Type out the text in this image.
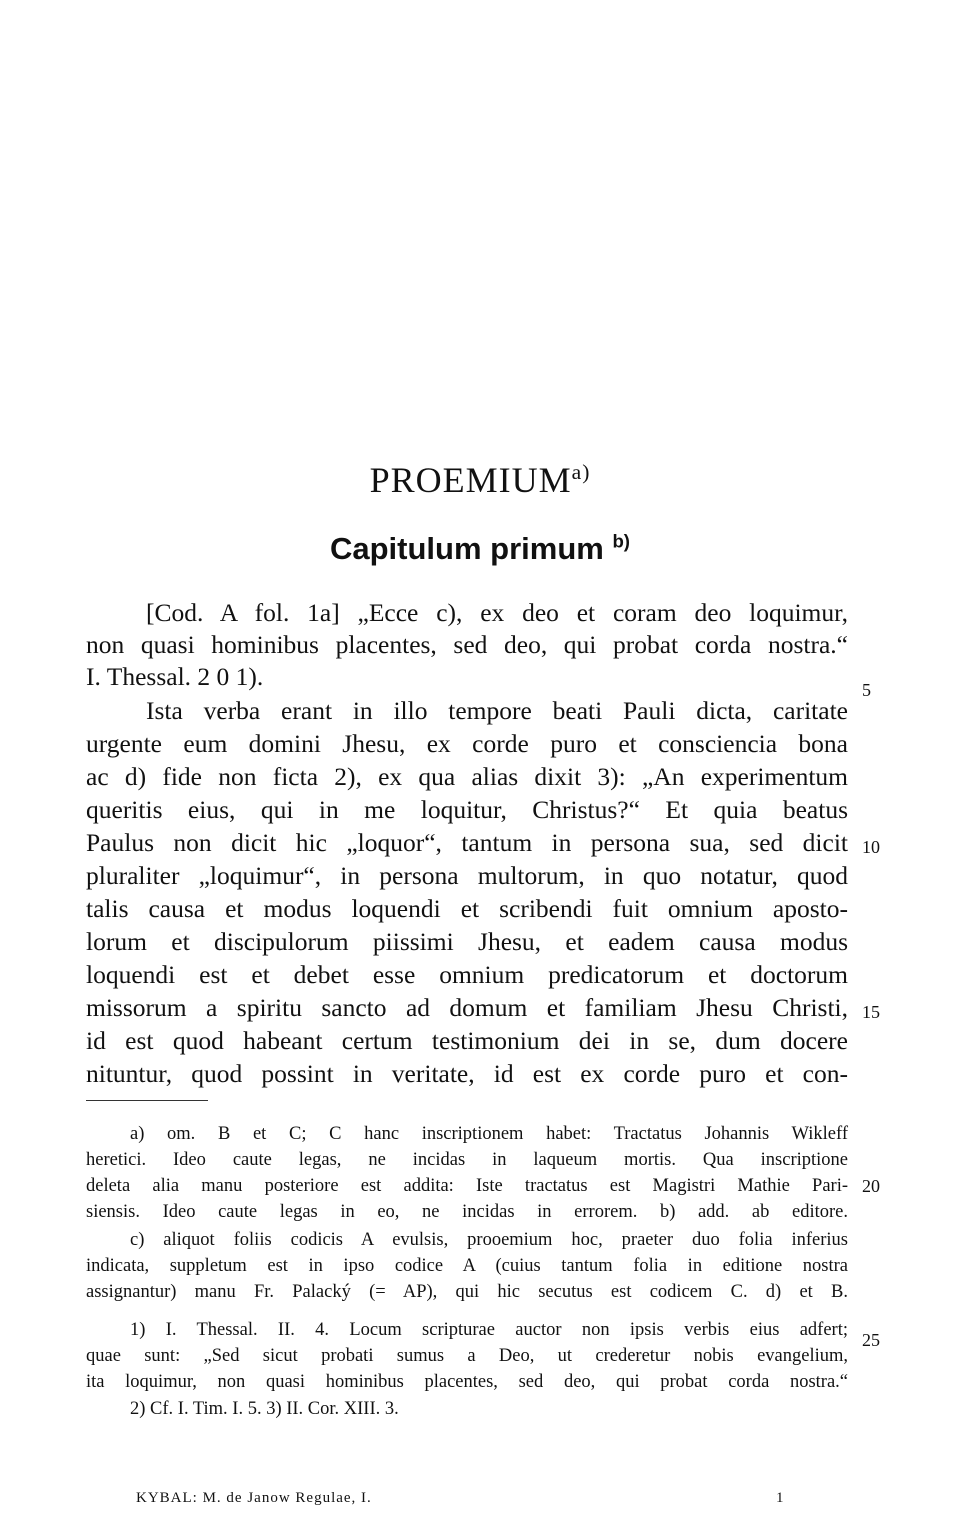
PROEMIUM$^{a)}$
Capitulum primum $^{b)}$
[Cod. A fol. 1a] „Ecce c), ex deo et coram deo loquimur,
non quasi hominibus placentes, sed deo, qui probat corda nostra.“
I. Thessal. 2 0 1).
Ista verba erant in illo tempore beati Pauli dicta, caritate
urgente eum domini Jhesu, ex corde puro et consciencia bona
ac d) fide non ficta 2), ex qua alias dixit 3): „An experimentum
queritis eius, qui in me loquitur, Christus?“ Et quia beatus
Paulus non dicit hic „loquor“, tantum in persona sua, sed dicit
pluraliter „loquimur“, in persona multorum, in quo notatur, quod
talis causa et modus loquendi et scribendi fuit omnium aposto-
lorum et discipulorum piissimi Jhesu, et eadem causa modus
loquendi est et debet esse omnium predicatorum et doctorum
missorum a spiritu sancto ad domum et familiam Jhesu Christi,
id est quod habeant certum testimonium dei in se, dum docere
nituntur, quod possint in veritate, id est ex corde puro et con-
5
10
15
20
25
a) om. B et C; C hanc inscriptionem habet: Tractatus Johannis Wikleff
heretici. Ideo caute legas, ne incidas in laqueum mortis. Qua inscriptione
deleta alia manu posteriore est addita: Iste tractatus est Magistri Mathie Pari-
siensis. Ideo caute legas in eo, ne incidas in errorem. b) add. ab editore.
c) aliquot foliis codicis A evulsis, prooemium hoc, praeter duo folia inferius
indicata, suppletum est in ipso codice A (cuius tantum folia in editione nostra
assignantur) manu Fr. Palacký (= AP), qui hic secutus est codicem C. d) et B.
1) I. Thessal. II. 4. Locum scripturae auctor non ipsis verbis eius adfert;
quae sunt: „Sed sicut probati sumus a Deo, ut crederetur nobis evangelium,
ita loquimur, non quasi hominibus placentes, sed deo, qui probat corda nostra.“
2) Cf. I. Tim. I. 5. 3) II. Cor. XIII. 3.
KYBAL: M. de Janow Regulae, I.	1
